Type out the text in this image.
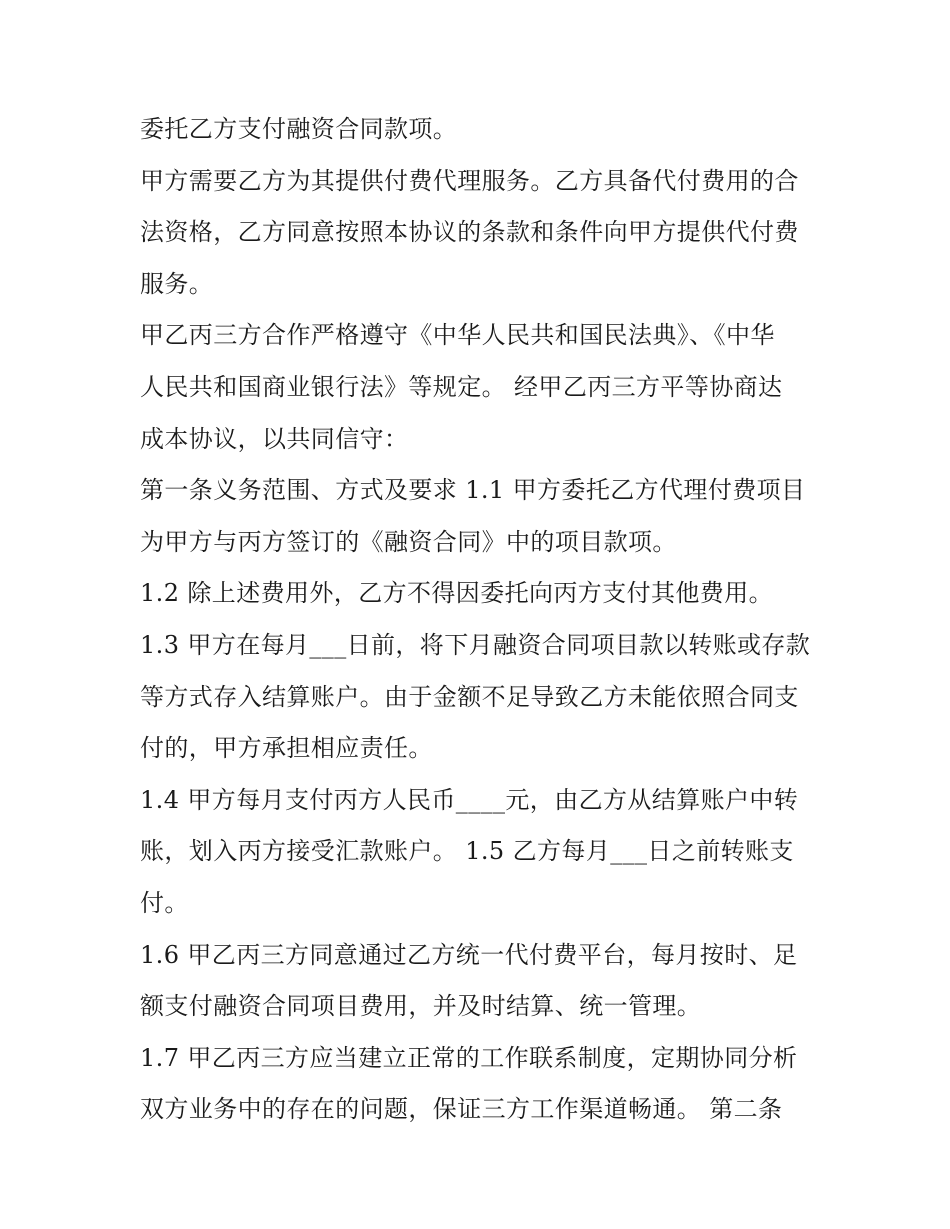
委托乙方支付融资合同款项。
甲方需要乙方为其提供付费代理服务。乙方具备代付费用的合
法资格，乙方同意按照本协议的条款和条件向甲方提供代付费
服务。
甲乙丙三方合作严格遵守《中华人民共和国民法典》、《中华
人民共和国商业银行法》等规定。 经甲乙丙三方平等协商达
成本协议，以共同信守：
第一条义务范围、方式及要求 1.1 甲方委托乙方代理付费项目
为甲方与丙方签订的《融资合同》中的项目款项。
1.2 除上述费用外，乙方不得因委托向丙方支付其他费用。
1.3 甲方在每月___日前，将下月融资合同项目款以转账或存款
等方式存入结算账户。由于金额不足导致乙方未能依照合同支
付的，甲方承担相应责任。
1.4 甲方每月支付丙方人民币____元，由乙方从结算账户中转
账，划入丙方接受汇款账户。 1.5 乙方每月___日之前转账支
付。
1.6 甲乙丙三方同意通过乙方统一代付费平台，每月按时、足
额支付融资合同项目费用，并及时结算、统一管理。
1.7 甲乙丙三方应当建立正常的工作联系制度，定期协同分析
双方业务中的存在的问题，保证三方工作渠道畅通。 第二条
